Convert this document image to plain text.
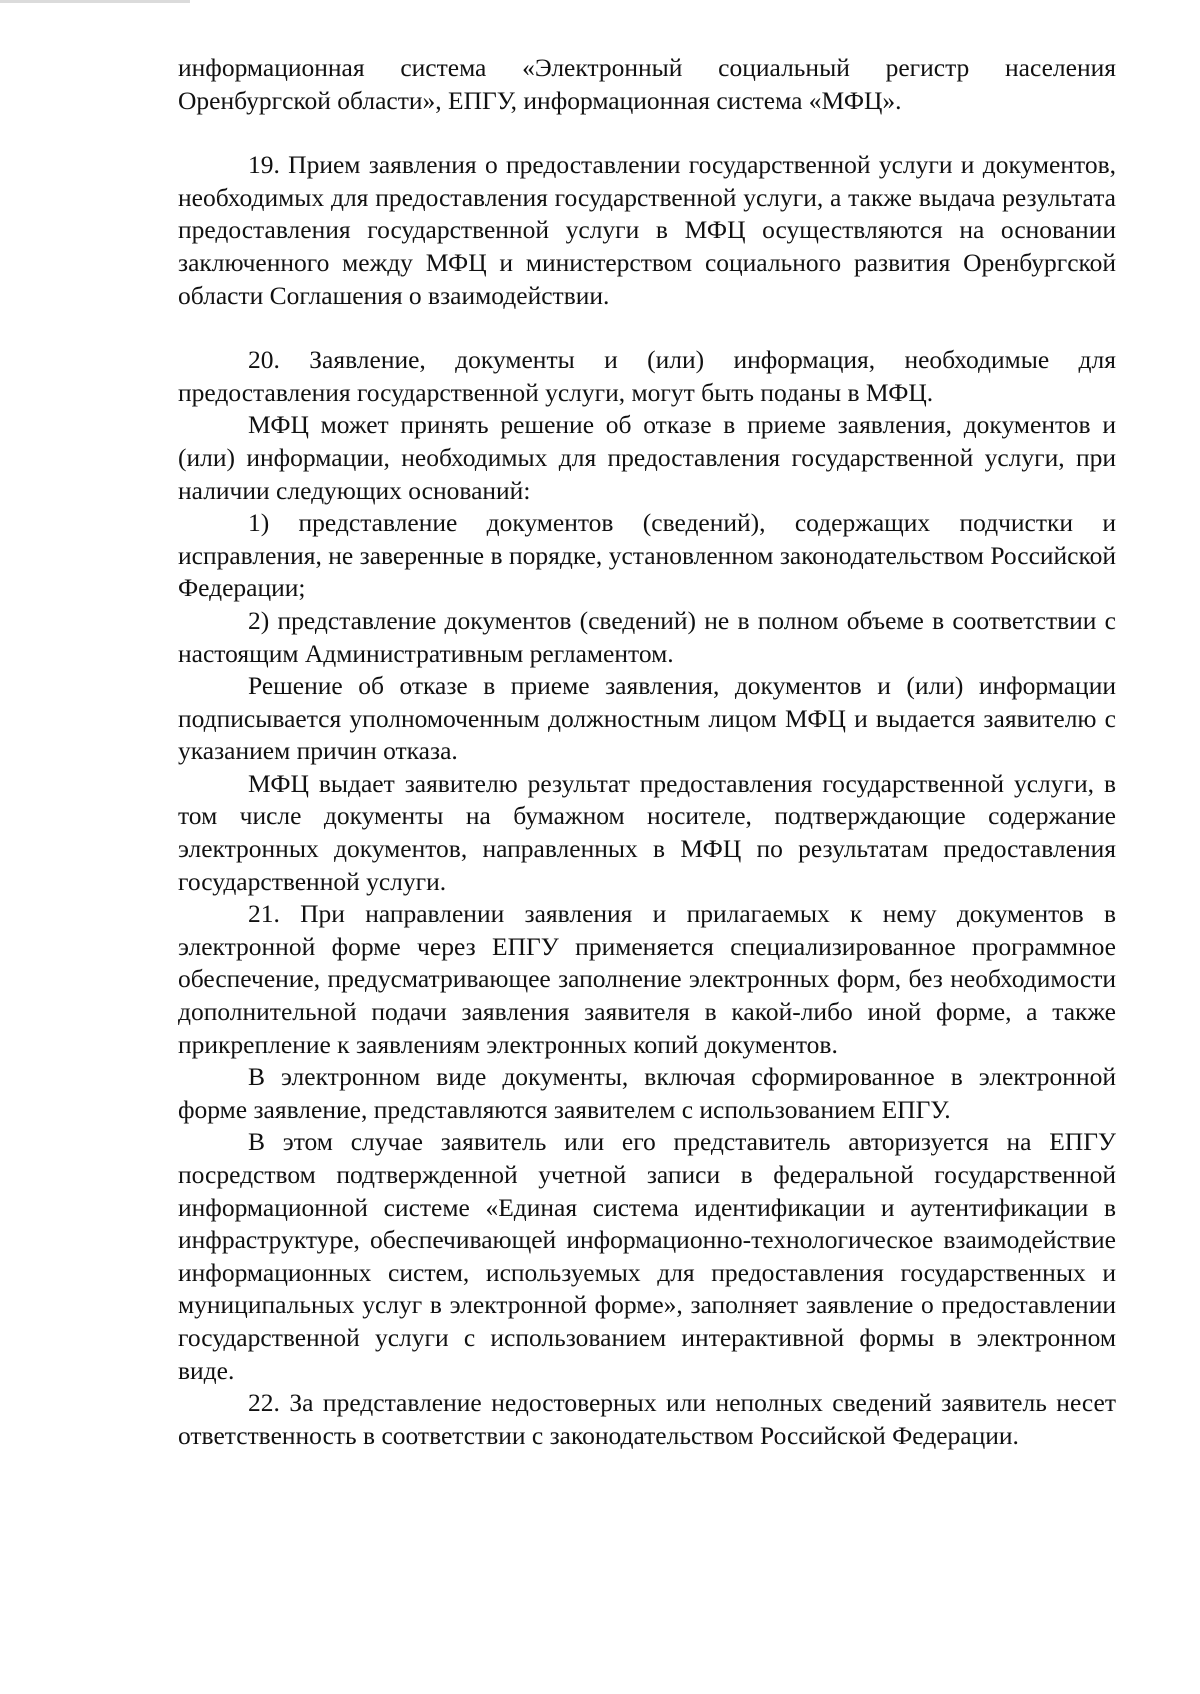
информационная система «Электронный социальный регистр населения Оренбургской области», ЕПГУ, информационная система «МФЦ».

19. Прием заявления о предоставлении государственной услуги и документов, необходимых для предоставления государственной услуги, а также выдача результата предоставления государственной услуги в МФЦ осуществляются на основании заключенного между МФЦ и министерством социального развития Оренбургской области Соглашения о взаимодействии.

20. Заявление, документы и (или) информация, необходимые для предоставления государственной услуги, могут быть поданы в МФЦ.

МФЦ может принять решение об отказе в приеме заявления, документов и (или) информации, необходимых для предоставления государственной услуги, при наличии следующих оснований:

1) представление документов (сведений), содержащих подчистки и исправления, не заверенные в порядке, установленном законодательством Российской Федерации;

2) представление документов (сведений) не в полном объеме в соответствии с настоящим Административным регламентом.

Решение об отказе в приеме заявления, документов и (или) информации подписывается уполномоченным должностным лицом МФЦ и выдается заявителю с указанием причин отказа.

МФЦ выдает заявителю результат предоставления государственной услуги, в том числе документы на бумажном носителе, подтверждающие содержание электронных документов, направленных в МФЦ по результатам предоставления государственной услуги.

21. При направлении заявления и прилагаемых к нему документов в электронной форме через ЕПГУ применяется специализированное программное обеспечение, предусматривающее заполнение электронных форм, без необходимости дополнительной подачи заявления заявителя в какой-либо иной форме, а также прикрепление к заявлениям электронных копий документов.

В электронном виде документы, включая сформированное в электронной форме заявление, представляются заявителем с использованием ЕПГУ.

В этом случае заявитель или его представитель авторизуется на ЕПГУ посредством подтвержденной учетной записи в федеральной государственной информационной системе «Единая система идентификации и аутентификации в инфраструктуре, обеспечивающей информационно-технологическое взаимодействие информационных систем, используемых для предоставления государственных и муниципальных услуг в электронной форме», заполняет заявление о предоставлении государственной услуги с использованием интерактивной формы в электронном виде.

22. За представление недостоверных или неполных сведений заявитель несет ответственность в соответствии с законодательством Российской Федерации.
